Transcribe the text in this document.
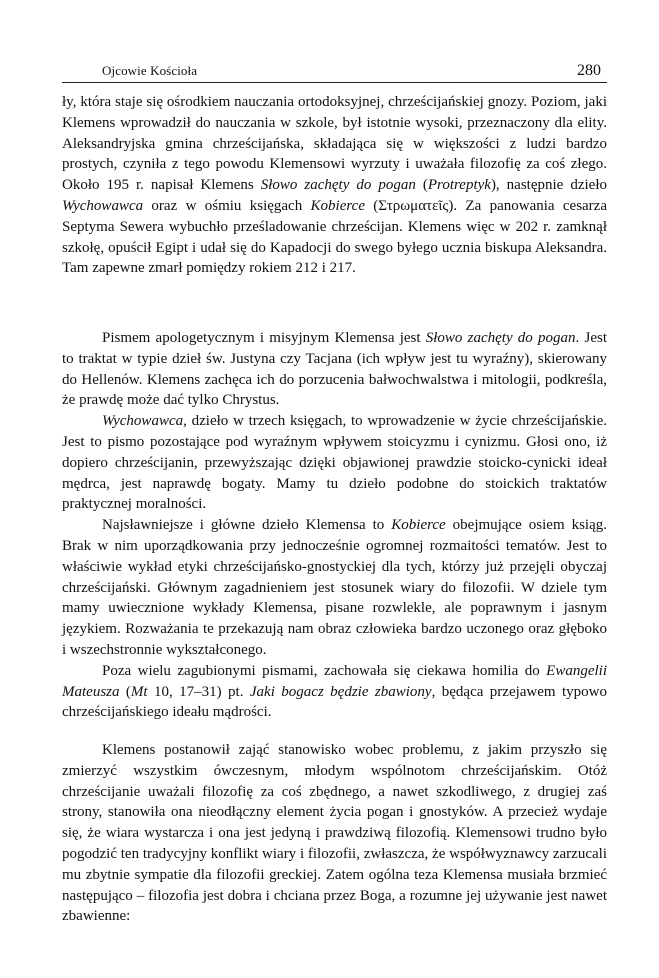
Ojcowie Kościoła	280

ły, która staje się ośrodkiem nauczania ortodoksyjnej, chrześcijańskiej gnozy. Poziom, jaki Klemens wprowadził do nauczania w szkole, był istotnie wysoki, przeznaczony dla elity. Aleksandryjska gmina chrześcijańska, składająca się w większości z ludzi bardzo prostych, czyniła z tego powodu Klemensowi wyrzuty i uważała filozofię za coś złego. Około 195 r. napisał Klemens Słowo zachęty do pogan (Protreptyk), następnie dzieło Wychowawca oraz w ośmiu księgach Kobierce (Στρωματεῖς). Za panowania cesarza Septyma Sewera wybuchło prześladowanie chrześcijan. Klemens więc w 202 r. zamknął szkołę, opuścił Egipt i udał się do Kapadocji do swego byłego ucznia biskupa Aleksandra. Tam zapewne zmarł pomiędzy rokiem 212 i 217.

Pismem apologetycznym i misyjnym Klemensa jest Słowo zachęty do pogan. Jest to traktat w typie dzieł św. Justyna czy Tacjana (ich wpływ jest tu wyraźny), skierowany do Hellenów. Klemens zachęca ich do porzucenia bałwochwalstwa i mitologii, podkreśla, że prawdę może dać tylko Chrystus.

Wychowawca, dzieło w trzech księgach, to wprowadzenie w życie chrześcijańskie. Jest to pismo pozostające pod wyraźnym wpływem stoicyzmu i cynizmu. Głosi ono, iż dopiero chrześcijanin, przewyższając dzięki objawionej prawdzie stoicko-cynicki ideał mędrca, jest naprawdę bogaty. Mamy tu dzieło podobne do stoickich traktatów praktycznej moralności.

Najsławniejsze i główne dzieło Klemensa to Kobierce obejmujące osiem ksiąg. Brak w nim uporządkowania przy jednocześnie ogromnej rozmaitości tematów. Jest to właściwie wykład etyki chrześcijańsko-gnostyckiej dla tych, którzy już przejęli obyczaj chrześcijański. Głównym zagadnieniem jest stosunek wiary do filozofii. W dziele tym mamy uwiecznione wykłady Klemensa, pisane rozwlekle, ale poprawnym i jasnym językiem. Rozważania te przekazują nam obraz człowieka bardzo uczonego oraz głęboko i wszechstronnie wykształconego.

Poza wielu zagubionymi pismami, zachowała się ciekawa homilia do Ewangelii Mateusza (Mt 10, 17–31) pt. Jaki bogacz będzie zbawiony, będąca przejawem typowo chrześcijańskiego ideału mądrości.

Klemens postanowił zająć stanowisko wobec problemu, z jakim przyszło się zmierzyć wszystkim ówczesnym, młodym wspólnotom chrześcijańskim. Otóż chrześcijanie uważali filozofię za coś zbędnego, a nawet szkodliwego, z drugiej zaś strony, stanowiła ona nieodłączny element życia pogan i gnostyków. A przecież wydaje się, że wiara wystarcza i ona jest jedyną i prawdziwą filozofią. Klemensowi trudno było pogodzić ten tradycyjny konflikt wiary i filozofii, zwłaszcza, że współwyznawcy zarzucali mu zbytnie sympatie dla filozofii greckiej. Zatem ogólna teza Klemensa musiała brzmieć następująco – filozofia jest dobra i chciana przez Boga, a rozumne jej używanie jest nawet zbawienne:
